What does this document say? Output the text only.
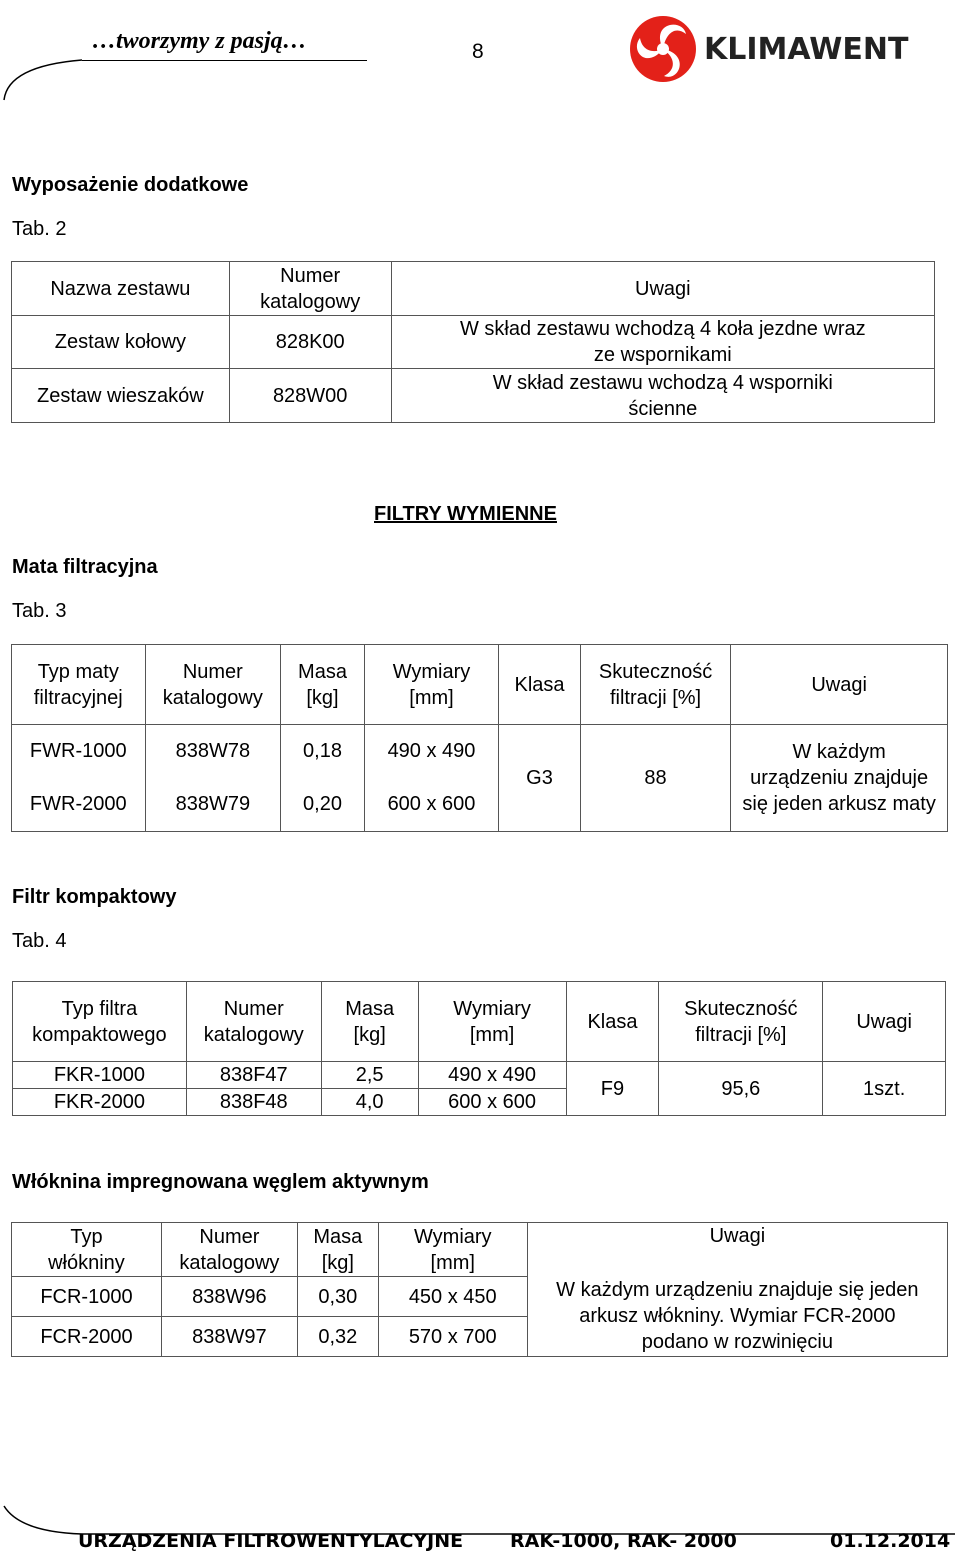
…tworzymy z pasją…	8	KLIMAWENT
Wyposażenie dodatkowe
Tab. 2
Nazwa zestawu	Numer katalogowy	Uwagi
Zestaw kołowy	828K00	W skład zestawu wchodzą 4 koła jezdne wraz ze wspornikami
Zestaw wieszaków	828W00	W skład zestawu wchodzą 4 wsporniki ścienne
FILTRY WYMIENNE
Mata filtracyjna
Tab. 3
Typ maty filtracyjnej	Numer katalogowy	Masa [kg]	Wymiary [mm]	Klasa	Skuteczność filtracji [%]	Uwagi
FWR-1000	838W78	0,18	490 x 490	G3	88	W każdym urządzeniu znajduje się jeden arkusz maty
FWR-2000	838W79	0,20	600 x 600			
Filtr kompaktowy
Tab. 4
Typ filtra kompaktowego	Numer katalogowy	Masa [kg]	Wymiary [mm]	Klasa	Skuteczność filtracji [%]	Uwagi
FKR-1000	838F47	2,5	490 x 490	F9	95,6	1szt.
FKR-2000	838F48	4,0	600 x 600			
Włóknina impregnowana węglem aktywnym
Typ włókniny	Numer katalogowy	Masa [kg]	Wymiary [mm]	Uwagi
FCR-1000	838W96	0,30	450 x 450	W każdym urządzeniu znajduje się jeden arkusz włókniny. Wymiar FCR-2000 podano w rozwinięciu
FCR-2000	838W97	0,32	570 x 700	
URZĄDZENIA FILTROWENTYLACYJNE RAK-1000, RAK- 2000	01.12.2014
